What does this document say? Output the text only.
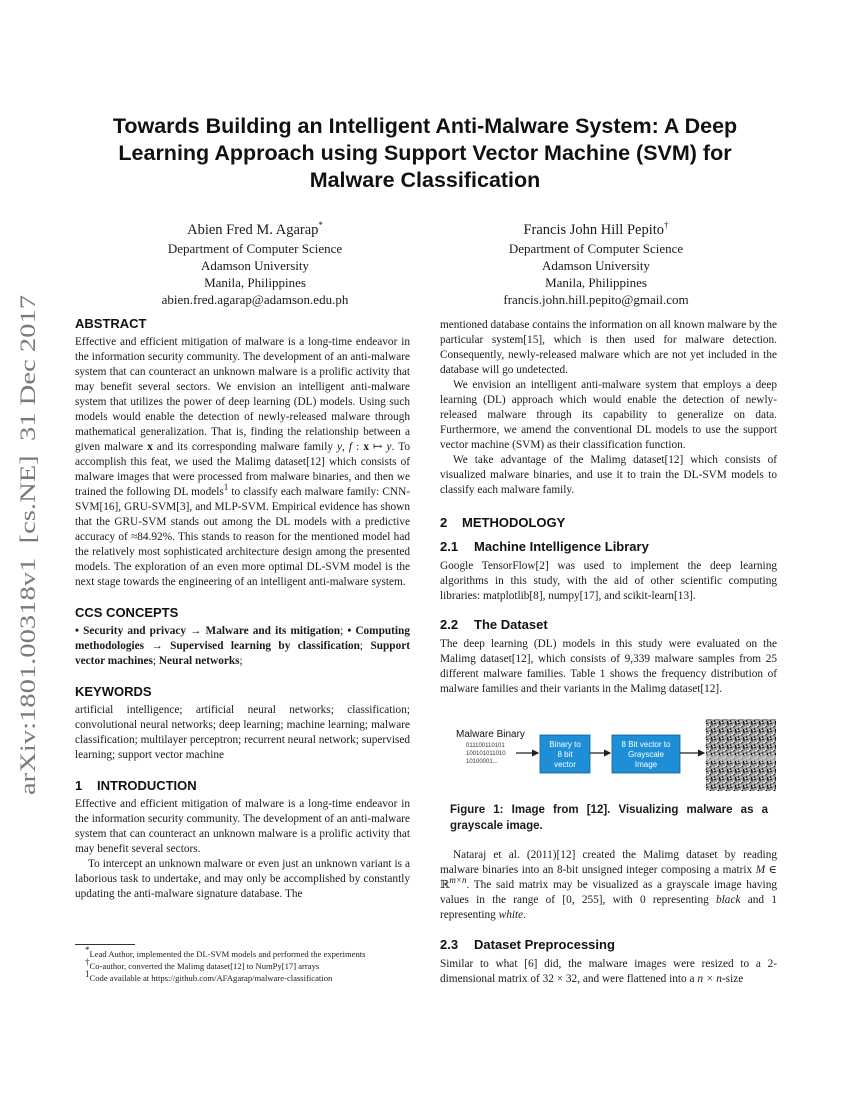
arXiv:1801.00318v1  [cs.NE]  31 Dec 2017
Towards Building an Intelligent Anti-Malware System: A Deep
Learning Approach using Support Vector Machine (SVM) for
Malware Classification
Abien Fred M. Agarap*
Department of Computer Science
Adamson University
Manila, Philippines
abien.fred.agarap@adamson.edu.ph
Francis John Hill Pepito†
Department of Computer Science
Adamson University
Manila, Philippines
francis.john.hill.pepito@gmail.com
ABSTRACT

Effective and efficient mitigation of malware is a long-time endeavor in the information security community. The development of an anti-malware system that can counteract an unknown malware is a prolific activity that may benefit several sectors. We envision an intelligent anti-malware system that utilizes the power of deep learning (DL) models. Using such models would enable the detection of newly-released malware through mathematical generalization. That is, finding the relationship between a given malware x and its corresponding malware family y, f : x ↦ y. To accomplish this feat, we used the Malimg dataset[12] which consists of malware images that were processed from malware binaries, and then we trained the following DL models$^1$ to classify each malware family: CNN-SVM[16], GRU-SVM[3], and MLP-SVM. Empirical evidence has shown that the GRU-SVM stands out among the DL models with a predictive accuracy of ≈84.92%. This stands to reason for the mentioned model had the relatively most sophisticated architecture design among the presented models. The exploration of an even more optimal DL-SVM model is the next stage towards the engineering of an intelligent anti-malware system.

CCS CONCEPTS

• Security and privacy → Malware and its mitigation; • Computing methodologies → Supervised learning by classification; Support vector machines; Neural networks;

KEYWORDS

artificial intelligence; artificial neural networks; classification; convolutional neural networks; deep learning; machine learning; malware classification; multilayer perceptron; recurrent neural network; supervised learning; support vector machine

1 INTRODUCTION

Effective and efficient mitigation of malware is a long-time endeavor in the information security community. The development of an anti-malware system that can counteract an unknown malware is a prolific activity that may benefit several sectors.

To intercept an unknown malware or even just an unknown variant is a laborious task to undertake, and may only be accomplished by constantly updating the anti-malware signature database. The

*Lead Author, implemented the DL-SVM models and performed the experiments
†Co-author, converted the Malimg dataset[12] to NumPy[17] arrays
$^1$Code available at https://github.com/AFAgarap/malware-classification

mentioned database contains the information on all known malware by the particular system[15], which is then used for malware detection. Consequently, newly-released malware which are not yet included in the database will go undetected.

We envision an intelligent anti-malware system that employs a deep learning (DL) approach which would enable the detection of newly-released malware through its capability to generalize on data. Furthermore, we amend the conventional DL models to use the support vector machine (SVM) as their classification function.

We take advantage of the Malimg dataset[12] which consists of visualized malware binaries, and use it to train the DL-SVM models to classify each malware family.

2 METHODOLOGY
2.1 Machine Intelligence Library

Google TensorFlow[2] was used to implement the deep learning algorithms in this study, with the aid of other scientific computing libraries: matplotlib[8], numpy[17], and scikit-learn[13].

2.2 The Dataset

The deep learning (DL) models in this study were evaluated on the Malimg dataset[12], which consists of 9,339 malware samples from 25 different malware families. Table 1 shows the frequency distribution of malware families and their variants in the Malimg dataset[12].

Malware Binary
011100110101
100101011010
10100001...
Binary to
8 bit
vector
8 Bit vector to
Grayscale
Image
Figure 1: Image from [12]. Visualizing malware as a grayscale image.

Nataraj et al. (2011)[12] created the Malimg dataset by reading malware binaries into an 8-bit unsigned integer composing a matrix M ∈ ℝ$^{m\times n}$. The said matrix may be visualized as a grayscale image having values in the range of [0, 255], with 0 representing black and 1 representing white.

2.3 Dataset Preprocessing

Similar to what [6] did, the malware images were resized to a 2-dimensional matrix of 32 × 32, and were flattened into a n × n-size
